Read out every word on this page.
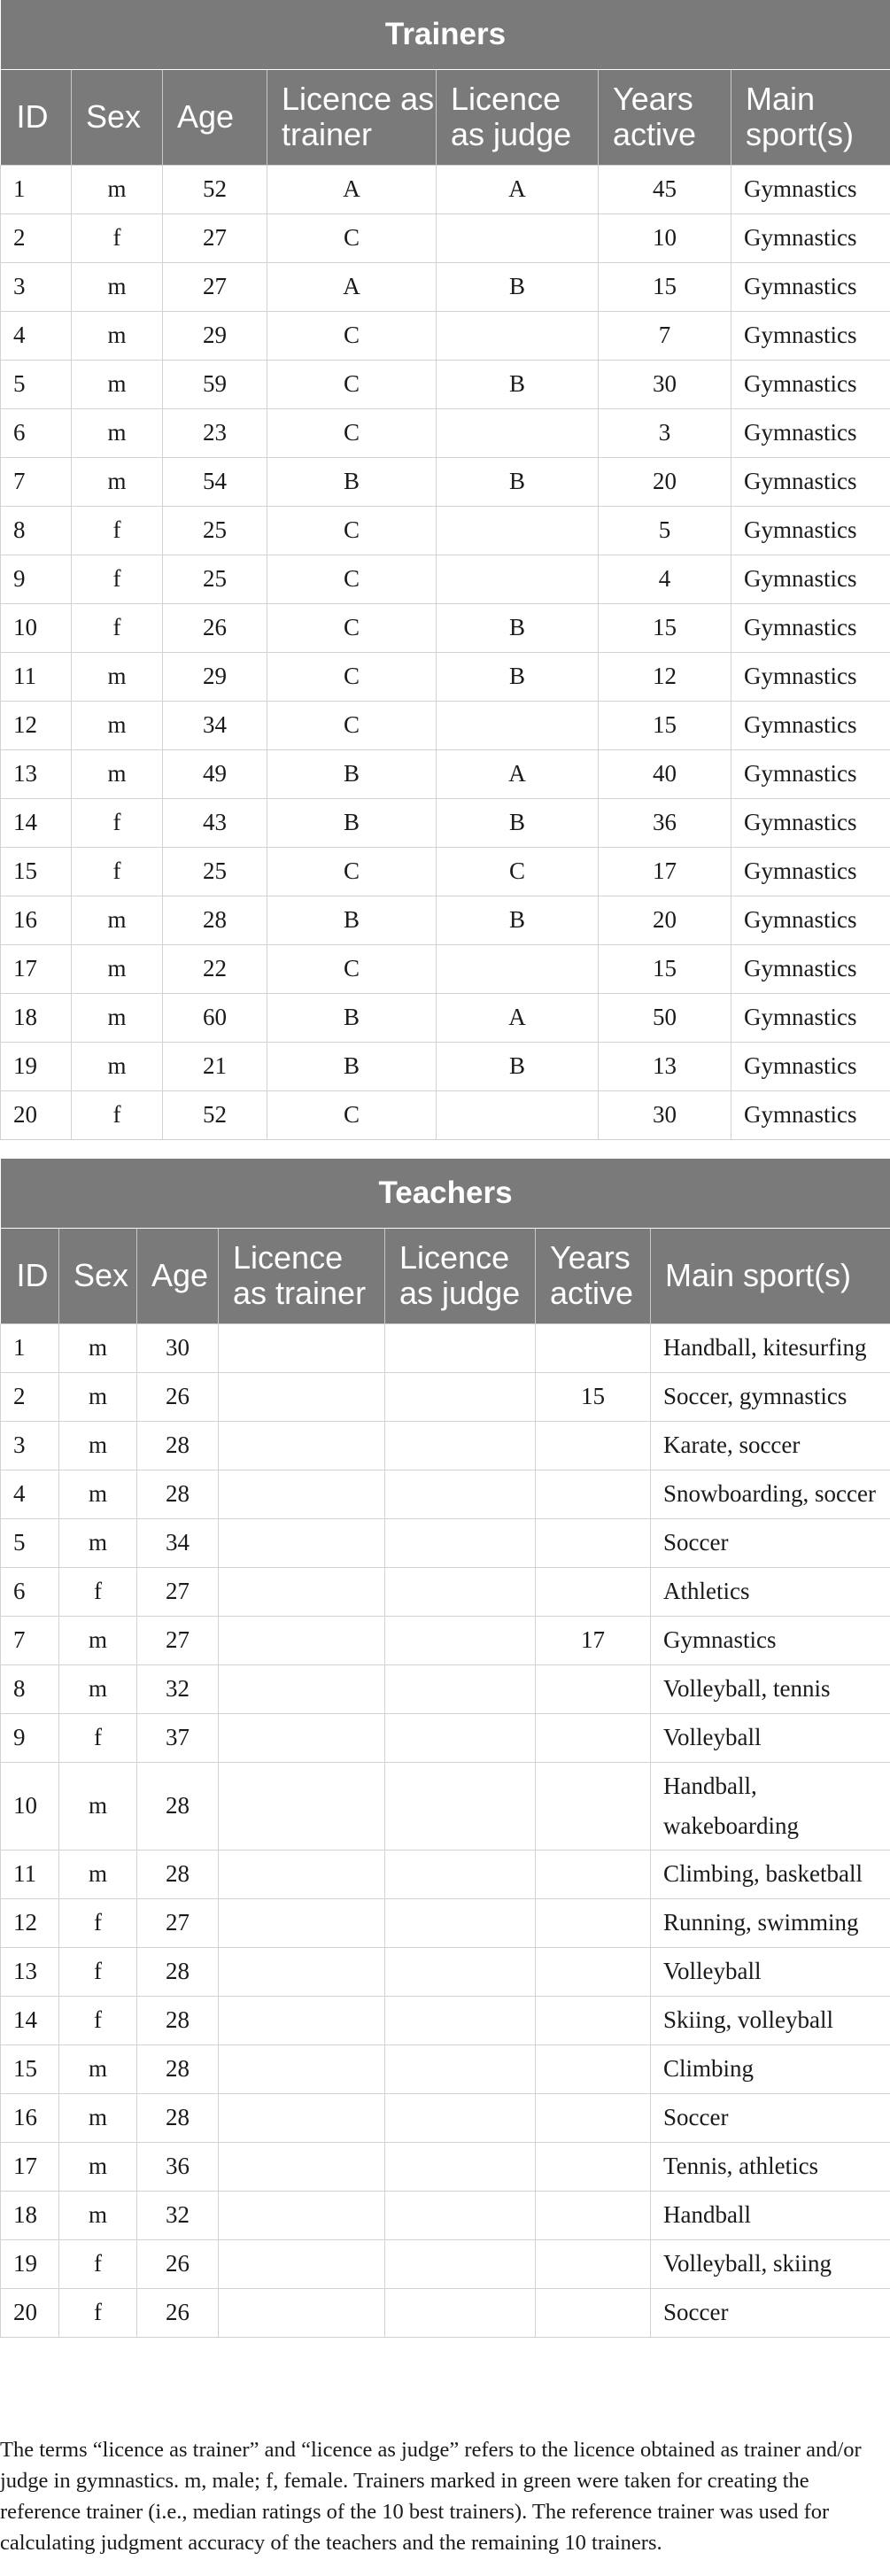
Trainers						
ID	Sex	Age	Licence as trainer	Licence as judge	Years active	Main sport(s)
1	m	52	A	A	45	Gymnastics
2	f	27	C		10	Gymnastics
3	m	27	A	B	15	Gymnastics
4	m	29	C		7	Gymnastics
5	m	59	C	B	30	Gymnastics
6	m	23	C		3	Gymnastics
7	m	54	B	B	20	Gymnastics
8	f	25	C		5	Gymnastics
9	f	25	C		4	Gymnastics
10	f	26	C	B	15	Gymnastics
11	m	29	C	B	12	Gymnastics
12	m	34	C		15	Gymnastics
13	m	49	B	A	40	Gymnastics
14	f	43	B	B	36	Gymnastics
15	f	25	C	C	17	Gymnastics
16	m	28	B	B	20	Gymnastics
17	m	22	C		15	Gymnastics
18	m	60	B	A	50	Gymnastics
19	m	21	B	B	13	Gymnastics
20	f	52	C		30	Gymnastics
Teachers						
ID	Sex	Age	Licence as trainer	Licence as judge	Years active	Main sport(s)
1	m	30				Handball, kitesurfing
2	m	26			15	Soccer, gymnastics
3	m	28				Karate, soccer
4	m	28				Snowboarding, soccer
5	m	34				Soccer
6	f	27				Athletics
7	m	27			17	Gymnastics
8	m	32				Volleyball, tennis
9	f	37				Volleyball
10	m	28				Handball, wakeboarding
11	m	28				Climbing, basketball
12	f	27				Running, swimming
13	f	28				Volleyball
14	f	28				Skiing, volleyball
15	m	28				Climbing
16	m	28				Soccer
17	m	36				Tennis, athletics
18	m	32				Handball
19	f	26				Volleyball, skiing
20	f	26				Soccer

The terms “licence as trainer” and “licence as judge” refers to the licence obtained as trainer and/or judge in gymnastics. m, male; f, female. Trainers marked in green were taken for creating the reference trainer (i.e., median ratings of the 10 best trainers). The reference trainer was used for calculating judgment accuracy of the teachers and the remaining 10 trainers.
